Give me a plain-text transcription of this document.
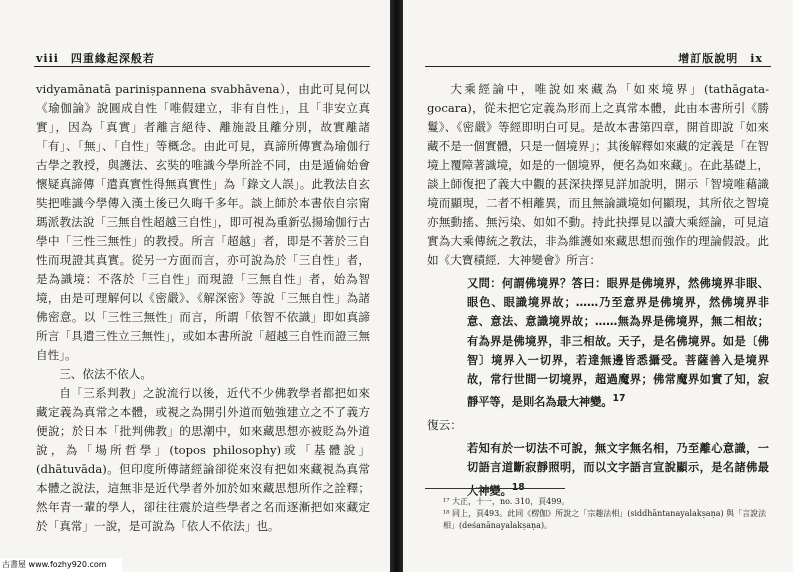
viii　四重緣起深般若

vidyamānatā pariniṣpannena svabhāvena），由此可見何以《瑜伽論》說圓成自性「唯假建立，非有自性」，且「非安立真實」，因為「真實」者離言絕待、離施設且離分別，故實離諸「有」、「無」、「自性」等概念。由此可見，真諦所傳實為瑜伽行古學之教授，與護法、玄奘的唯識今學所詮不同，由是遁倫始會懷疑真諦傳「遣真實性得無真實性」為「錄文人誤」。此教法自玄奘把唯識今學傳入漢土後已久晦千多年。談上師於本書依自宗甯瑪派教法說「三無自性超越三自性」，即可視為重新弘揚瑜伽行古學中「三性三無性」的教授。所言「超越」者，即是不著於三自性而現證其真實。從另一方面而言，亦可說為於「三自性」者，是為識境：不落於「三自性」而現證「三無自性」者，始為智境，由是可理解何以《密嚴》、《解深密》等說「三無自性」為諸佛密意。以「三性三無性」而言，所謂「依智不依識」即如真諦所言「具遣三性立三無性」，或如本書所說「超越三自性而證三無自性」。

三、依法不依人。

自「三系判教」之說流行以後，近代不少佛教學者都把如來藏定義為真常之本體，或視之為開引外道而勉強建立之不了義方便說；於日本「批判佛教」的思潮中，如來藏思想亦被貶為外道說，為「場所哲學」(topos philosophy)或「基體說」(dhātuvāda)。但印度所傳諸經論卻從來沒有把如來藏視為真常本體之說法，這無非是近代學者外加於如來藏思想所作之詮釋；然年青一輩的學人，卻往往震於這些學者之名而逐漸把如來藏定於「真常」一說，是可說為「依人不依法」也。

古書屋 www.fozhy920.com
增訂版說明　ix

大乘經論中，唯說如來藏為「如來境界」(tathāgata-gocara)，從未把它定義為形而上之真常本體，此由本書所引《勝鬘》、《密嚴》等經即明白可見。是故本書第四章，開首即說「如來藏不是一個實體，只是一個境界」；其後解釋如來藏的定義是「在智境上覆障著識境，如是的一個境界，便名為如來藏」。在此基礎上，談上師復把了義大中觀的甚深抉擇見詳加說明，開示「智境唯藉識境而顯現，二者不相離異，而且無論識境如何顯現，其所依之智境亦無動搖、無污染、如如不動。持此抉擇見以讀大乘經論，可見這實為大乘傳統之教法，非為維護如來藏思想而強作的理論假設。此如《大寶積經．大神變會》所言：

又問：何謂佛境界？答曰：眼界是佛境界，然佛境界非眼、眼色、眼識境界故；……乃至意界是佛境界，然佛境界非意、意法、意識境界故；……無為界是佛境界，無二相故；有為界是佛境界，非三相故。天子，是名佛境界。如是〔佛智〕境界入一切界，若達無邊皆悉攝受。菩薩善入是境界故，常行世間一切境界，超過魔界；佛常魔界如實了知，寂靜平等，是則名為最大神變。$^{17}$

復云：

若知有於一切法不可說，無文字無名相，乃至離心意識，一切語言道斷寂靜照明，而以文字語言宣說顯示，是名諸佛最大神變。$^{18}$

¹⁷ 大正，十一，no. 310，頁499。

¹⁸ 同上，頁493。此同《楞伽》所說之「宗趣法相」(siddhāntanayalakṣaṇa) 與「言說法相」(deśanānayalakṣaṇa)。
